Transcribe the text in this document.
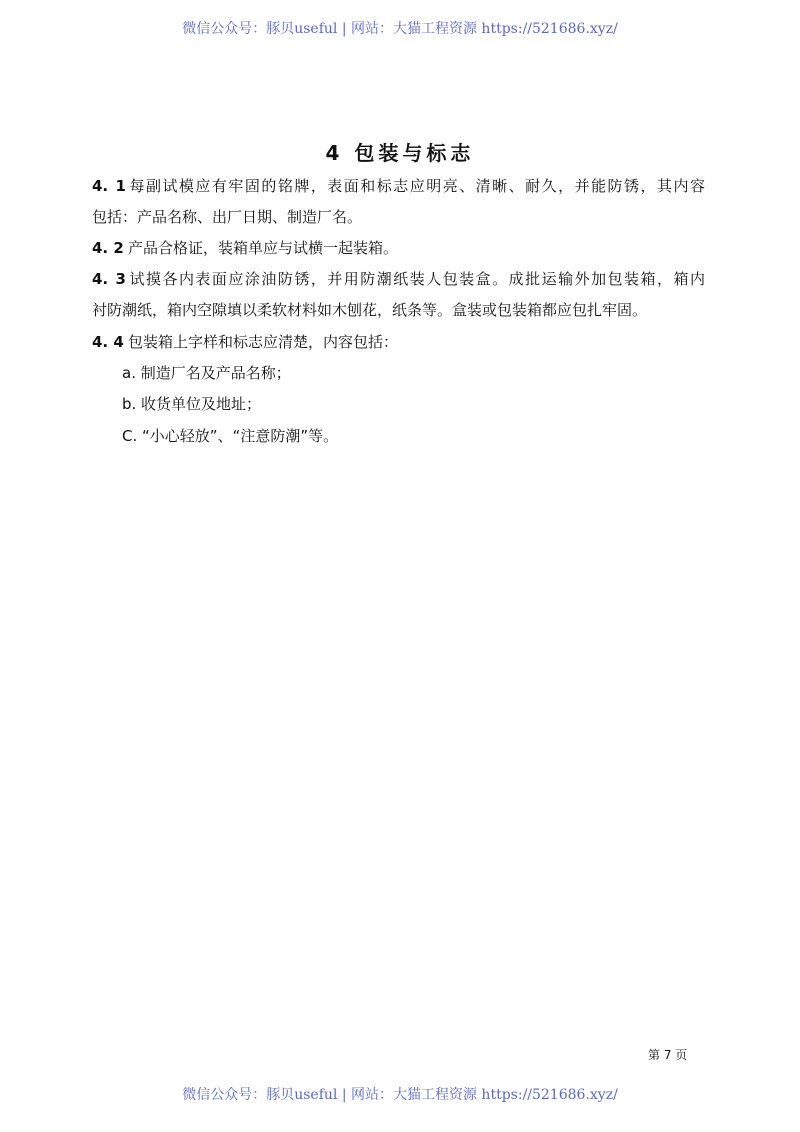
微信公众号：豚贝useful | 网站：大猫工程资源 https://521686.xyz/
4 包装与标志
4. 1 每副试模应有牢固的铭牌，表面和标志应明亮、清晰、耐久，并能防锈，其内容
包括：产品名称、出厂日期、制造厂名。
4. 2 产品合格证，装箱单应与试横一起装箱。
4. 3 试摸各内表面应涂油防锈，并用防潮纸装人包装盒。成批运输外加包装箱，箱内
衬防潮纸，箱内空隙填以柔软材料如木刨花，纸条等。盒装或包装箱都应包扎牢固。
4. 4 包装箱上字样和标志应清楚，内容包括：
a. 制造厂名及产品名称；
b. 收货单位及地址；
C. “小心轻放”、“注意防潮”等。
第 7 页
微信公众号：豚贝useful | 网站：大猫工程资源 https://521686.xyz/
